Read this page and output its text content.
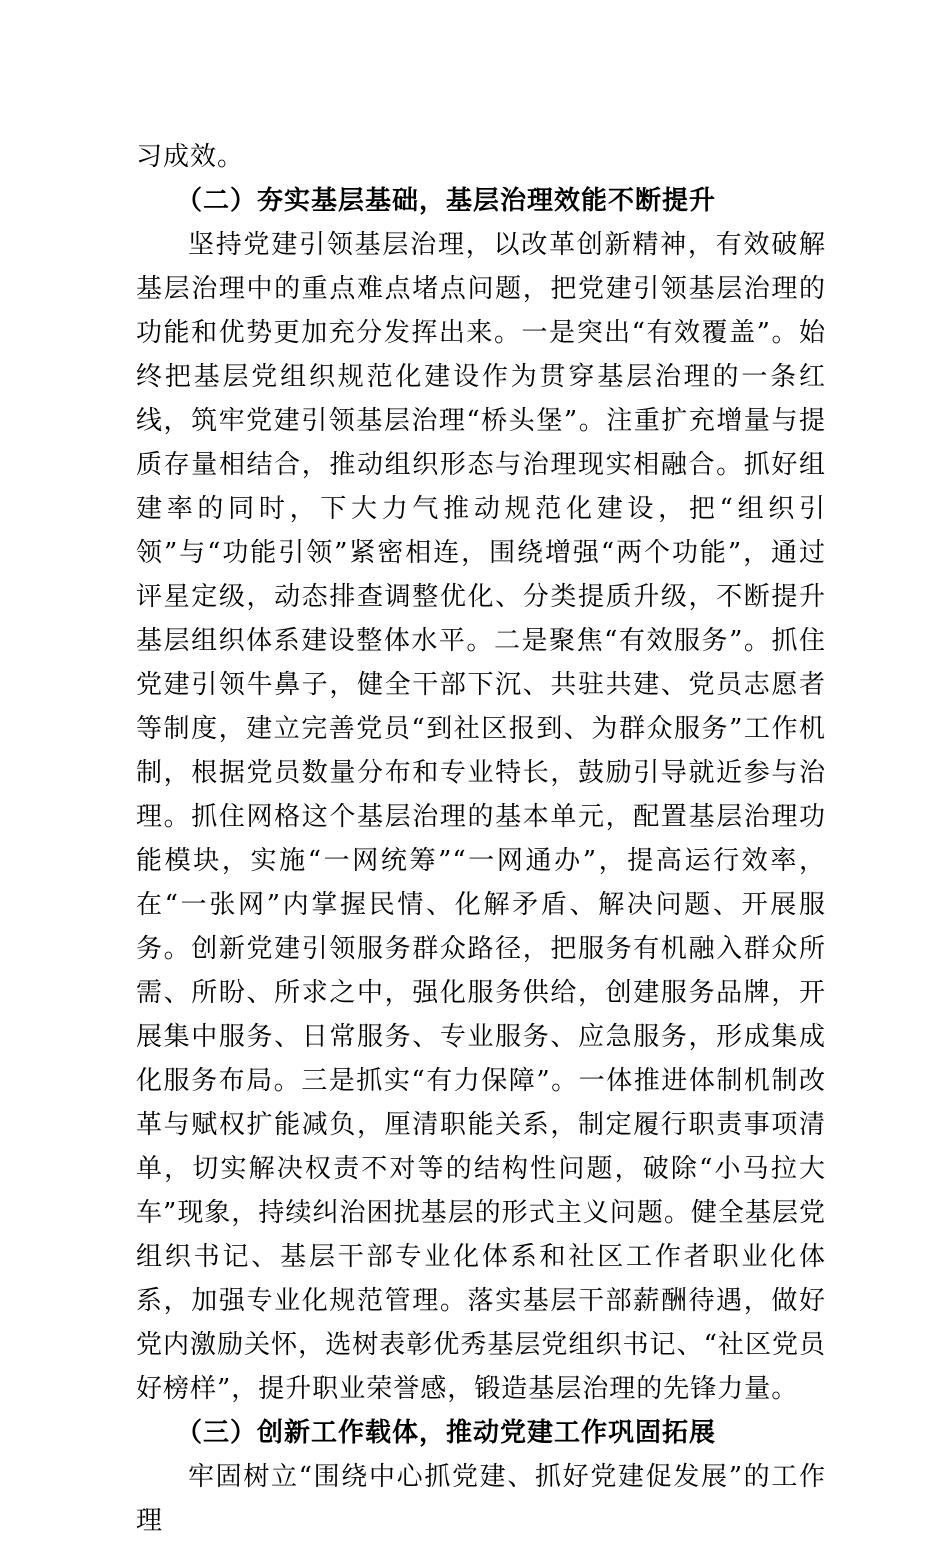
习成效。

（二）夯实基层基础，基层治理效能不断提升

坚持党建引领基层治理，以改革创新精神，有效破解基层治理中的重点难点堵点问题，把党建引领基层治理的功能和优势更加充分发挥出来。一是突出“有效覆盖”。始终把基层党组织规范化建设作为贯穿基层治理的一条红线，筑牢党建引领基层治理“桥头堡”。注重扩充增量与提质存量相结合，推动组织形态与治理现实相融合。抓好组建率的同时，下大力气推动规范化建设，把“组织引领”与“功能引领”紧密相连，围绕增强“两个功能”，通过评星定级，动态排查调整优化、分类提质升级，不断提升基层组织体系建设整体水平。二是聚焦“有效服务”。抓住党建引领牛鼻子，健全干部下沉、共驻共建、党员志愿者等制度，建立完善党员“到社区报到、为群众服务”工作机制，根据党员数量分布和专业特长，鼓励引导就近参与治理。抓住网格这个基层治理的基本单元，配置基层治理功能模块，实施“一网统筹”“一网通办”，提高运行效率，在“一张网”内掌握民情、化解矛盾、解决问题、开展服务。创新党建引领服务群众路径，把服务有机融入群众所需、所盼、所求之中，强化服务供给，创建服务品牌，开展集中服务、日常服务、专业服务、应急服务，形成集成化服务布局。三是抓实“有力保障”。一体推进体制机制改革与赋权扩能减负，厘清职能关系，制定履行职责事项清单，切实解决权责不对等的结构性问题，破除“小马拉大车”现象，持续纠治困扰基层的形式主义问题。健全基层党组织书记、基层干部专业化体系和社区工作者职业化体系，加强专业化规范管理。落实基层干部薪酬待遇，做好党内激励关怀，选树表彰优秀基层党组织书记、“社区党员好榜样”，提升职业荣誉感，锻造基层治理的先锋力量。

（三）创新工作载体，推动党建工作巩固拓展

牢固树立“围绕中心抓党建、抓好党建促发展”的工作理
